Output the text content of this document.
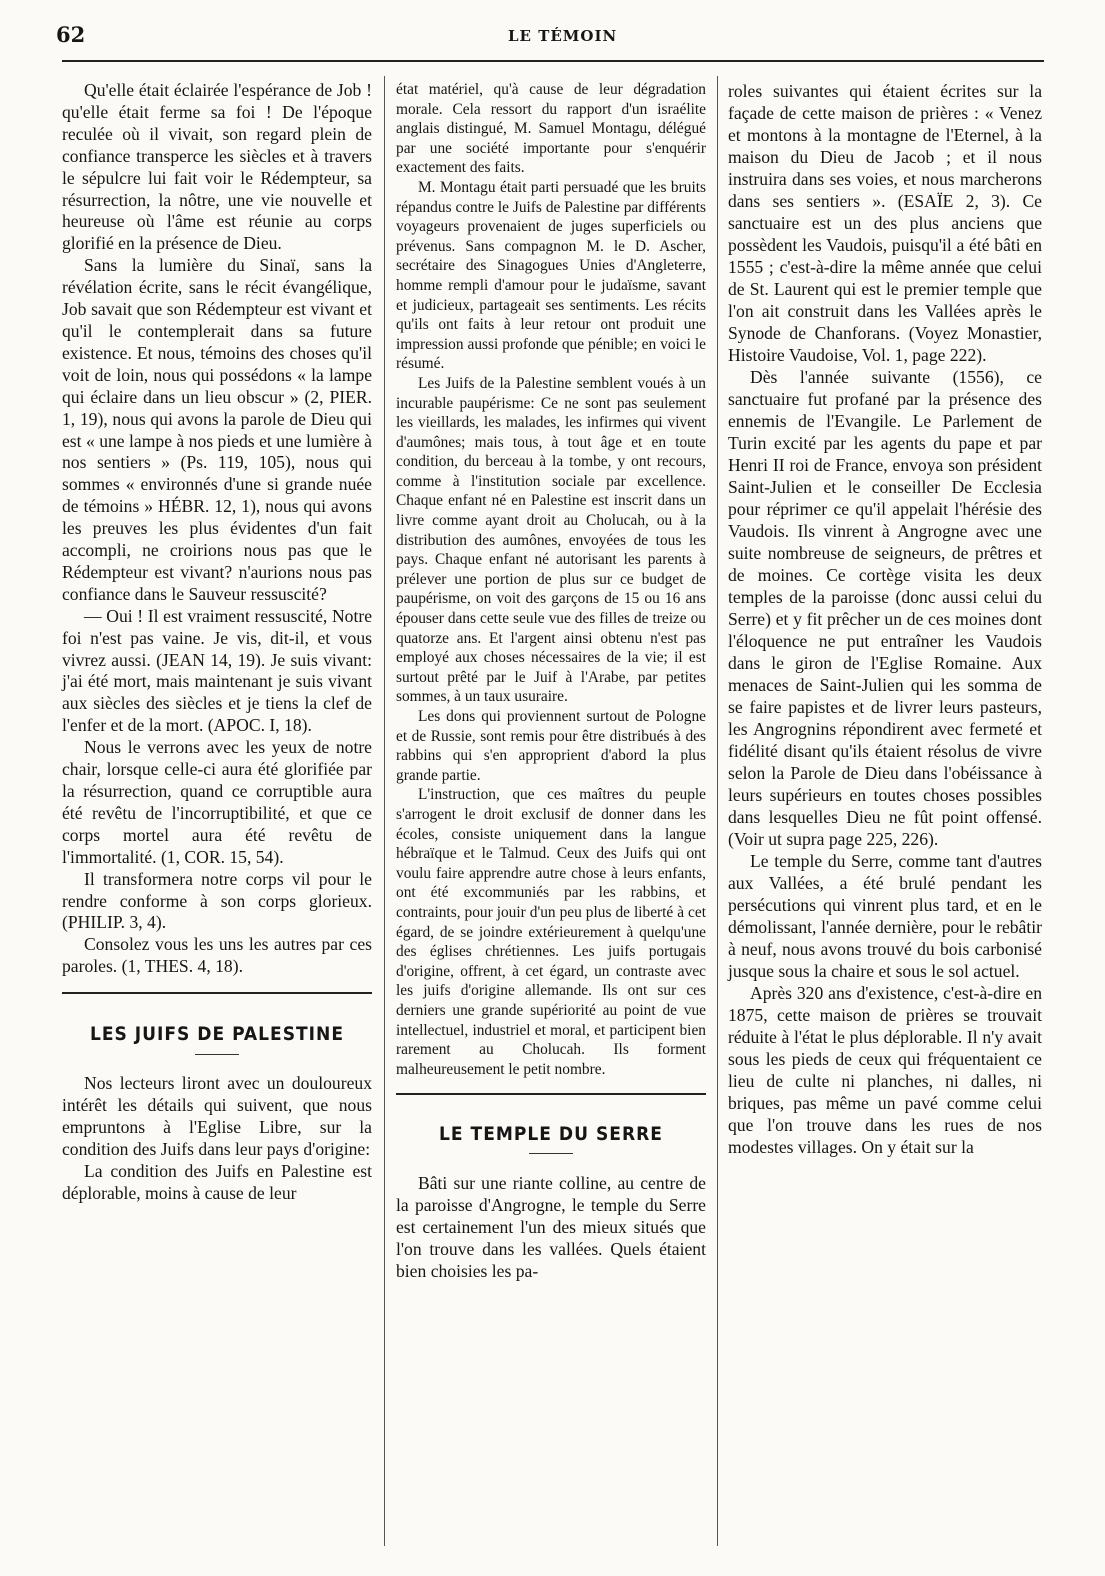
62	LE TÉMOIN

Qu'elle était éclairée l'espérance de Job ! qu'elle était ferme sa foi ! De l'époque reculée où il vivait, son regard plein de confiance transperce les siècles et à travers le sépulcre lui fait voir le Rédempteur, sa résurrection, la nôtre, une vie nouvelle et heureuse où l'âme est réunie au corps glorifié en la présence de Dieu.

Sans la lumière du Sinaï, sans la révélation écrite, sans le récit évangélique, Job savait que son Rédempteur est vivant et qu'il le contemplerait dans sa future existence. Et nous, témoins des choses qu'il voit de loin, nous qui possédons « la lampe qui éclaire dans un lieu obscur » (2, PIER. 1, 19), nous qui avons la parole de Dieu qui est « une lampe à nos pieds et une lumière à nos sentiers » (Ps. 119, 105), nous qui sommes « environnés d'une si grande nuée de témoins » HÉBR. 12, 1), nous qui avons les preuves les plus évidentes d'un fait accompli, ne croirions nous pas que le Rédempteur est vivant? n'aurions nous pas confiance dans le Sauveur ressuscité?

— Oui ! Il est vraiment ressuscité, Notre foi n'est pas vaine. Je vis, dit-il, et vous vivrez aussi. (JEAN 14, 19). Je suis vivant: j'ai été mort, mais maintenant je suis vivant aux siècles des siècles et je tiens la clef de l'enfer et de la mort. (APOC. I, 18).

Nous le verrons avec les yeux de notre chair, lorsque celle-ci aura été glorifiée par la résurrection, quand ce corruptible aura été revêtu de l'incorruptibilité, et que ce corps mortel aura été revêtu de l'immortalité. (1, COR. 15, 54).

Il transformera notre corps vil pour le rendre conforme à son corps glorieux. (PHILIP. 3, 4).

Consolez vous les uns les autres par ces paroles. (1, THES. 4, 18).

LES JUIFS DE PALESTINE

Nos lecteurs liront avec un douloureux intérêt les détails qui suivent, que nous empruntons à l'Eglise Libre, sur la condition des Juifs dans leur pays d'origine:

La condition des Juifs en Palestine est déplorable, moins à cause de leur

état matériel, qu'à cause de leur dégradation morale. Cela ressort du rapport d'un israélite anglais distingué, M. Samuel Montagu, délégué par une société importante pour s'enquérir exactement des faits.

M. Montagu était parti persuadé que les bruits répandus contre le Juifs de Palestine par différents voyageurs provenaient de juges superficiels ou prévenus. Sans compagnon M. le D. Ascher, secrétaire des Sinagogues Unies d'Angleterre, homme rempli d'amour pour le judaïsme, savant et judicieux, partageait ses sentiments. Les récits qu'ils ont faits à leur retour ont produit une impression aussi profonde que pénible; en voici le résumé.

Les Juifs de la Palestine semblent voués à un incurable paupérisme: Ce ne sont pas seulement les vieillards, les malades, les infirmes qui vivent d'aumônes; mais tous, à tout âge et en toute condition, du berceau à la tombe, y ont recours, comme à l'institution sociale par excellence. Chaque enfant né en Palestine est inscrit dans un livre comme ayant droit au Cholucah, ou à la distribution des aumônes, envoyées de tous les pays. Chaque enfant né autorisant les parents à prélever une portion de plus sur ce budget de paupérisme, on voit des garçons de 15 ou 16 ans épouser dans cette seule vue des filles de treize ou quatorze ans. Et l'argent ainsi obtenu n'est pas employé aux choses nécessaires de la vie; il est surtout prêté par le Juif à l'Arabe, par petites sommes, à un taux usuraire.

Les dons qui proviennent surtout de Pologne et de Russie, sont remis pour être distribués à des rabbins qui s'en approprient d'abord la plus grande partie.

L'instruction, que ces maîtres du peuple s'arrogent le droit exclusif de donner dans les écoles, consiste uniquement dans la langue hébraïque et le Talmud. Ceux des Juifs qui ont voulu faire apprendre autre chose à leurs enfants, ont été excommuniés par les rabbins, et contraints, pour jouir d'un peu plus de liberté à cet égard, de se joindre extérieurement à quelqu'une des églises chrétiennes. Les juifs portugais d'origine, offrent, à cet égard, un contraste avec les juifs d'origine allemande. Ils ont sur ces derniers une grande supériorité au point de vue intellectuel, industriel et moral, et participent bien rarement au Cholucah. Ils forment malheureusement le petit nombre.

LE TEMPLE DU SERRE

Bâti sur une riante colline, au centre de la paroisse d'Angrogne, le temple du Serre est certainement l'un des mieux situés que l'on trouve dans les vallées. Quels étaient bien choisies les pa-

roles suivantes qui étaient écrites sur la façade de cette maison de prières : « Venez et montons à la montagne de l'Eternel, à la maison du Dieu de Jacob ; et il nous instruira dans ses voies, et nous marcherons dans ses sentiers ». (ESAÏE 2, 3). Ce sanctuaire est un des plus anciens que possèdent les Vaudois, puisqu'il a été bâti en 1555 ; c'est-à-dire la même année que celui de St. Laurent qui est le premier temple que l'on ait construit dans les Vallées après le Synode de Chanforans. (Voyez Monastier, Histoire Vaudoise, Vol. 1, page 222).

Dès l'année suivante (1556), ce sanctuaire fut profané par la présence des ennemis de l'Evangile. Le Parlement de Turin excité par les agents du pape et par Henri II roi de France, envoya son président Saint-Julien et le conseiller De Ecclesia pour réprimer ce qu'il appelait l'hérésie des Vaudois. Ils vinrent à Angrogne avec une suite nombreuse de seigneurs, de prêtres et de moines. Ce cortège visita les deux temples de la paroisse (donc aussi celui du Serre) et y fit prêcher un de ces moines dont l'éloquence ne put entraîner les Vaudois dans le giron de l'Eglise Romaine. Aux menaces de Saint-Julien qui les somma de se faire papistes et de livrer leurs pasteurs, les Angrognins répondirent avec fermeté et fidélité disant qu'ils étaient résolus de vivre selon la Parole de Dieu dans l'obéissance à leurs supérieurs en toutes choses possibles dans lesquelles Dieu ne fût point offensé. (Voir ut supra page 225, 226).

Le temple du Serre, comme tant d'autres aux Vallées, a été brulé pendant les persécutions qui vinrent plus tard, et en le démolissant, l'année dernière, pour le rebâtir à neuf, nous avons trouvé du bois carbonisé jusque sous la chaire et sous le sol actuel.

Après 320 ans d'existence, c'est-à-dire en 1875, cette maison de prières se trouvait réduite à l'état le plus déplorable. Il n'y avait sous les pieds de ceux qui fréquentaient ce lieu de culte ni planches, ni dalles, ni briques, pas même un pavé comme celui que l'on trouve dans les rues de nos modestes villages. On y était sur la
